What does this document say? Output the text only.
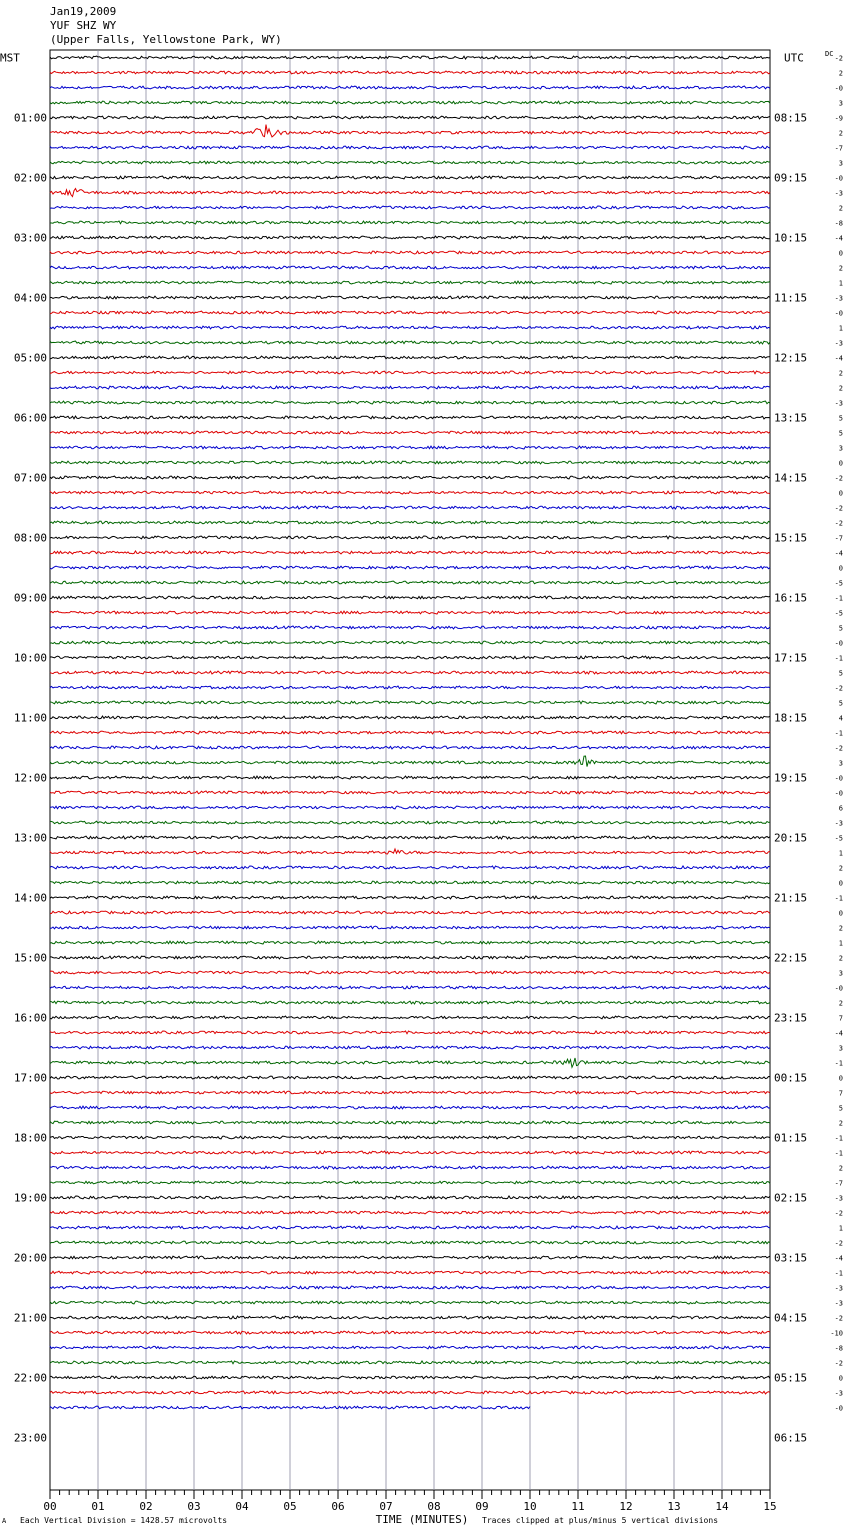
Jan19,2009
YUF SHZ WY
(Upper Falls, Yellowstone Park, WY)
-2
2
-0
3
-9
2
-7
3
-0
-3
2
-8
-4
0
2
1
-3
-0
1
-3
-4
2
2
-3
5
5
3
0
-2
0
-2
-2
-7
-4
0
-5
-1
-5
5
-0
-1
5
-2
5
4
-1
-2
3
-0
-0
6
-3
-5
1
2
0
-1
0
2
1
2
3
-0
2
7
-4
3
-1
0
7
5
2
-1
-1
2
-7
-3
-2
1
-2
-4
-1
-3
-3
-2
-10
-8
-2
0
-3
-0
MST	UTC	DC
01:00
02:00
03:00
04:00
05:00
06:00
07:00
08:00
09:00
10:00
11:00
12:00
13:00
14:00
15:00
16:00
17:00
18:00
19:00
20:00
21:00
22:00
23:00
08:15
09:15
10:15
11:15
12:15
13:15
14:15
15:15
16:15
17:15
18:15
19:15
20:15
21:15
22:15
23:15
00:15
01:15
02:15
03:15
04:15
05:15
06:15
00	01	02	03	04	05	06	07	08	09	10	11	12	13	14	15
TIME (MINUTES)
A Each Vertical Division = 1428.57 microvolts	Traces clipped at plus/minus 5 vertical divisions
